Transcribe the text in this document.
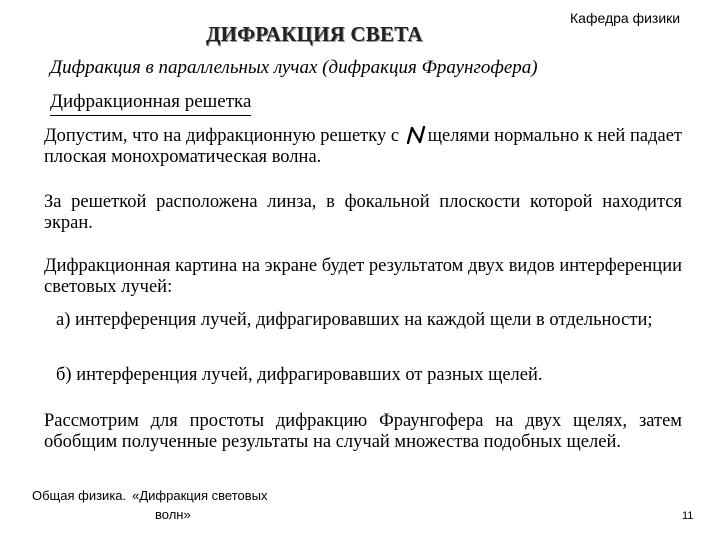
Кафедра физики
ДИФРАКЦИЯ СВЕТА
Дифракция в параллельных лучах (дифракция Фраунгофера)
Дифракционная решетка
Допустим, что на дифракционную решетку с
щелями нормально к ней падает плоская монохроматическая волна.
За решеткой расположена линза, в фокальной плоскости которой находится экран.
Дифракционная картина на экране будет результатом двух видов интерференции световых лучей:
а) интерференция лучей, дифрагировавших на каждой щели в отдельности;
б) интерференция лучей, дифрагировавших от разных щелей.
Рассмотрим для простоты дифракцию Фраунгофера на двух щелях, затем обобщим полученные результаты на случай множества подобных щелей.
Общая физика. «Дифракция световых
волн»	11
